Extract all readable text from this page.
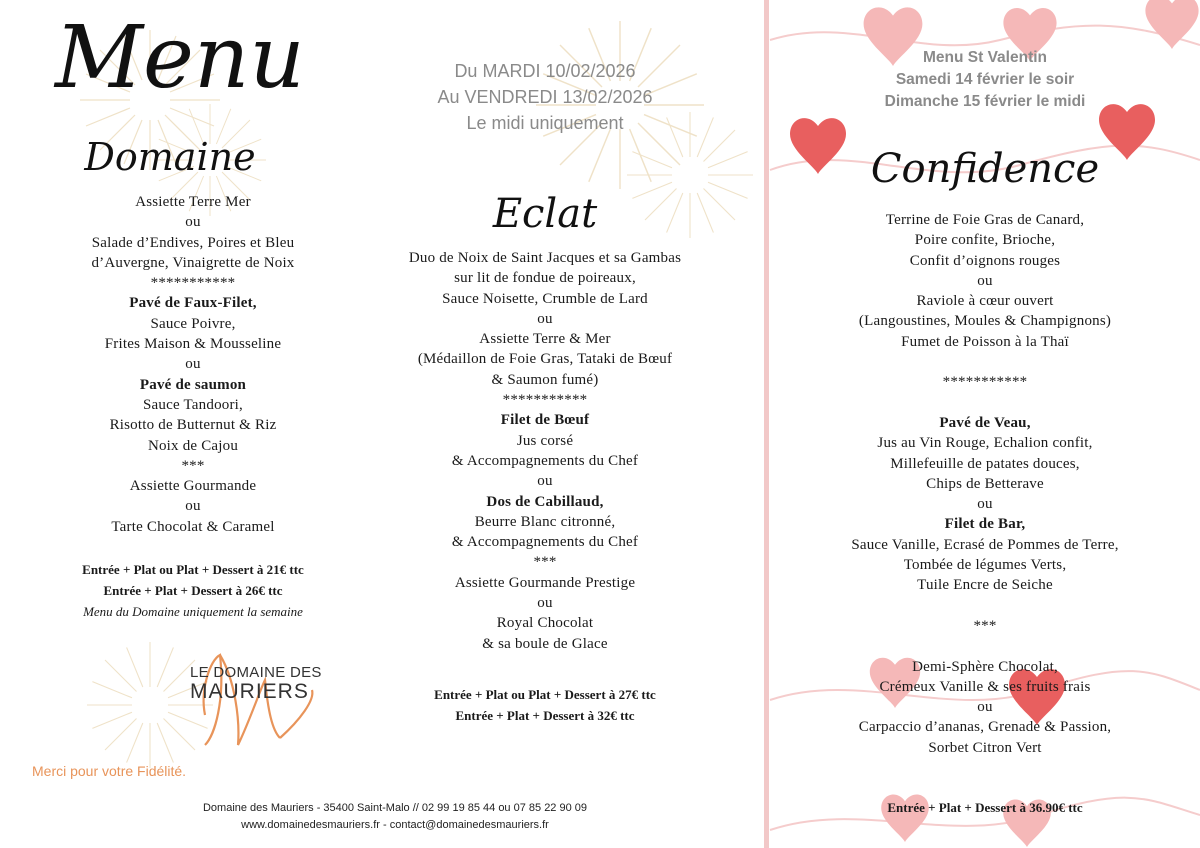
Menu
Domaine
Assiette Terre Mer
ou
Salade d’Endives, Poires et Bleu
d’Auvergne, Vinaigrette de Noix
***********
Pavé de Faux-Filet,
Sauce Poivre,
Frites Maison & Mousseline
ou
Pavé de saumon
Sauce Tandoori,
Risotto de Butternut & Riz
Noix de Cajou
***
Assiette Gourmande
ou
Tarte Chocolat & Caramel
Entrée + Plat ou Plat + Dessert à 21€ ttc
Entrée + Plat + Dessert à 26€ ttc
Menu du Domaine uniquement la semaine
LE DOMAINE DES
MAURIERS
Merci pour votre Fidélité.
Du MARDI 10/02/2026
Au VENDREDI 13/02/2026
Le midi uniquement
Eclat
Duo de Noix de Saint Jacques et sa Gambas
sur lit de fondue de poireaux,
Sauce Noisette, Crumble de Lard
ou
Assiette Terre & Mer
(Médaillon de Foie Gras, Tataki de Bœuf
& Saumon fumé)
***********
Filet de Bœuf
Jus corsé
& Accompagnements du Chef
ou
Dos de Cabillaud,
Beurre Blanc citronné,
& Accompagnements du Chef
***
Assiette Gourmande Prestige
ou
Royal Chocolat
& sa boule de Glace
Entrée + Plat ou Plat + Dessert à 27€ ttc
Entrée + Plat + Dessert à 32€ ttc
Domaine des Mauriers - 35400 Saint-Malo // 02 99 19 85 44 ou 07 85 22 90 09
www.domainedesmauriers.fr - contact@domainedesmauriers.fr
Menu St Valentin
Samedi 14 février le soir
Dimanche 15 février le midi
Confidence
Terrine de Foie Gras de Canard,
Poire confite, Brioche,
Confit d’oignons rouges
ou
Raviole à cœur ouvert
(Langoustines, Moules & Champignons)
Fumet de Poisson à la Thaï

***********

Pavé de Veau,
Jus au Vin Rouge, Echalion confit,
Millefeuille de patates douces,
Chips de Betterave
ou
Filet de Bar,
Sauce Vanille, Ecrasé de Pommes de Terre,
Tombée de légumes Verts,
Tuile Encre de Seiche

***

Demi-Sphère Chocolat,
Crémeux Vanille & ses fruits frais
ou
Carpaccio d’ananas, Grenade & Passion,
Sorbet Citron Vert
Entrée + Plat + Dessert à 36.90€ ttc
